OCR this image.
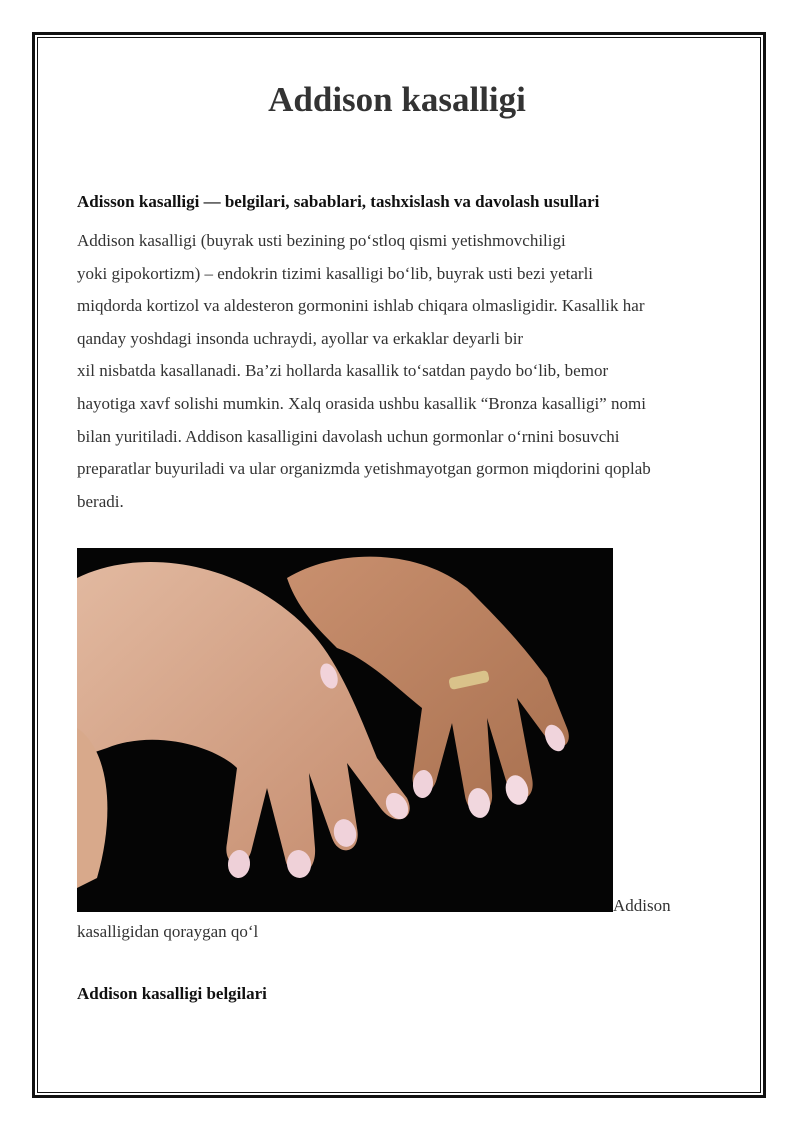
Addison kasalligi
Adisson kasalligi — belgilari, sabablari, tashxislash va davolash usullari
Addison kasalligi (buyrak usti bezining po‘stloq qismi yetishmovchiligi
yoki gipokortizm) – endokrin tizimi kasalligi bo‘lib, buyrak usti bezi yetarli
miqdorda kortizol va aldesteron gormonini ishlab chiqara olmasligidir. Kasallik har
qanday yoshdagi insonda uchraydi, ayollar va erkaklar deyarli bir
xil nisbatda kasallanadi. Ba’zi hollarda kasallik to‘satdan paydo bo‘lib, bemor
hayotiga xavf solishi mumkin. Xalq orasida ushbu kasallik “Bronza kasalligi” nomi
bilan yuritiladi. Addison kasalligini davolash uchun gormonlar o‘rnini bosuvchi
preparatlar buyuriladi va ular organizmda yetishmayotgan gormon miqdorini qoplab
beradi.
Addison
kasalligidan qoraygan qo‘l
Addison kasalligi belgilari
